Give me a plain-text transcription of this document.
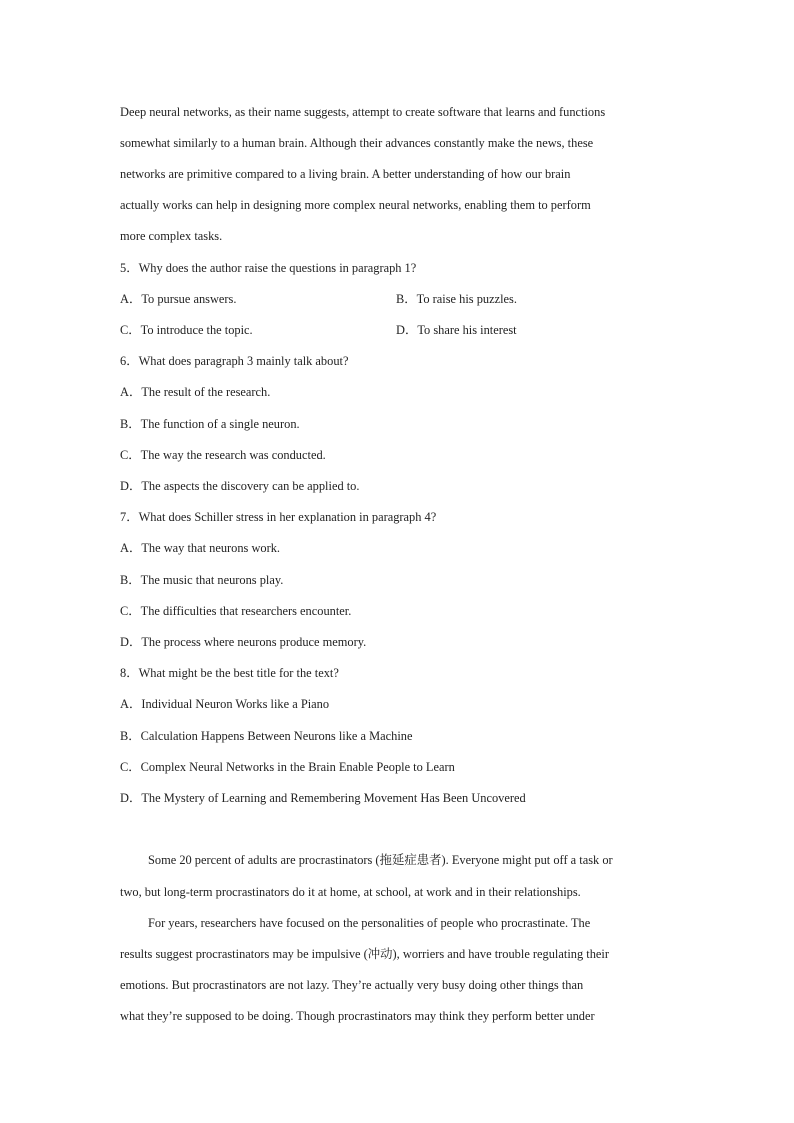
Deep neural networks, as their name suggests, attempt to create software that learns and functions
somewhat similarly to a human brain. Although their advances constantly make the news, these
networks are primitive compared to a living brain. A better understanding of how our brain
actually works can help in designing more complex neural networks, enabling them to perform
more complex tasks.
5．Why does the author raise the questions in paragraph 1?
A．To pursue answers.	B．To raise his puzzles.
C．To introduce the topic.	D．To share his interest
6．What does paragraph 3 mainly talk about?
A．The result of the research.
B．The function of a single neuron.
C．The way the research was conducted.
D．The aspects the discovery can be applied to.
7．What does Schiller stress in her explanation in paragraph 4?
A．The way that neurons work.
B．The music that neurons play.
C．The difficulties that researchers encounter.
D．The process where neurons produce memory.
8．What might be the best title for the text?
A．Individual Neuron Works like a Piano
B．Calculation Happens Between Neurons like a Machine
C．Complex Neural Networks in the Brain Enable People to Learn
D．The Mystery of Learning and Remembering Movement Has Been Uncovered
Some 20 percent of adults are procrastinators (拖延症患者). Everyone might put off a task or
two, but long-term procrastinators do it at home, at school, at work and in their relationships.
For years, researchers have focused on the personalities of people who procrastinate. The
results suggest procrastinators may be impulsive (冲动), worriers and have trouble regulating their
emotions. But procrastinators are not lazy. They’re actually very busy doing other things than
what they’re supposed to be doing. Though procrastinators may think they perform better under
